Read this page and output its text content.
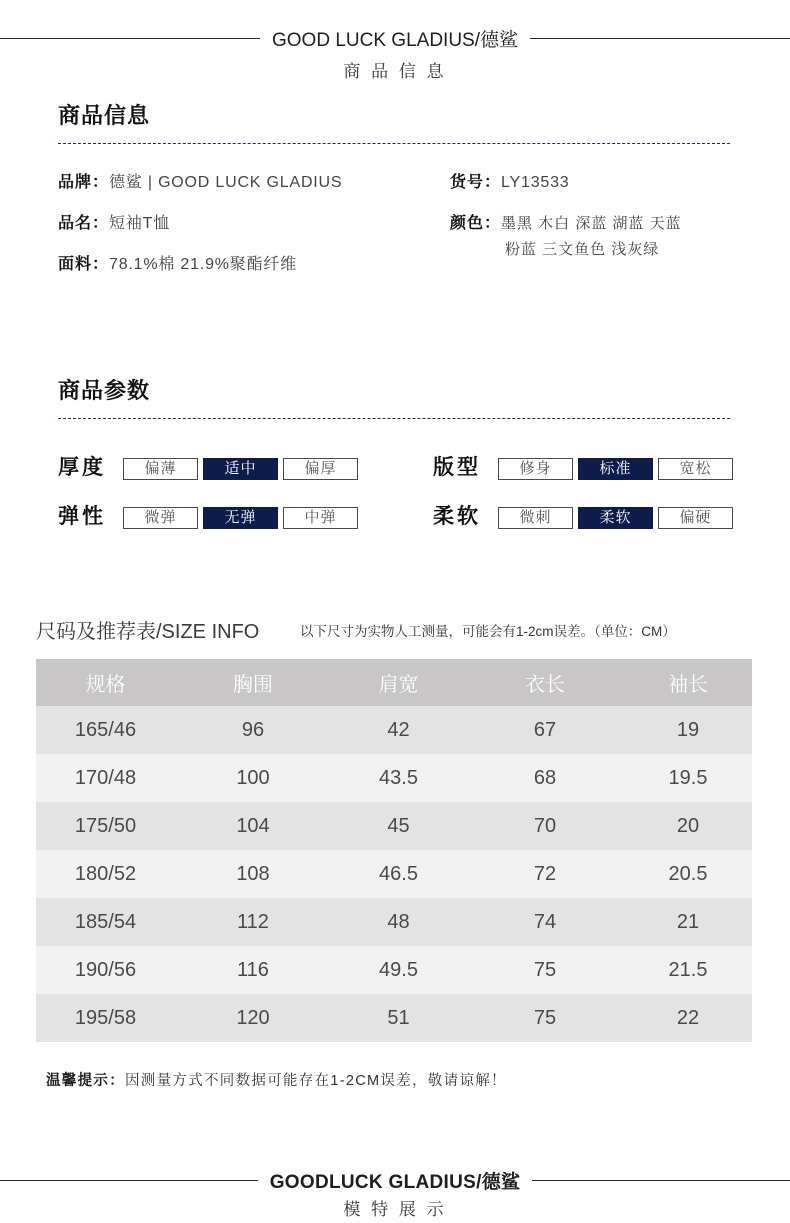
GOOD LUCK GLADIUS/德鲨
商 品 信 息
商品信息
品牌：德鲨 | GOOD LUCK GLADIUS	货号：LY13533
品名：短袖T恤	颜色：墨黑 木白 深蓝 湖蓝 天蓝
粉蓝 三文鱼色 浅灰绿
面料：78.1%棉 21.9%聚酯纤维
商品参数
厚度	偏薄	适中	偏厚	版型	修身	标准	宽松
弹性	微弹	无弹	中弹	柔软	微刺	柔软	偏硬
尺码及推荐表/SIZE INFO	以下尺寸为实物人工测量，可能会有1-2cm误差。（单位：CM）
规格	胸围	肩宽	衣长	袖长
165/46	96	42	67	19
170/48	100	43.5	68	19.5
175/50	104	45	70	20
180/52	108	46.5	72	20.5
185/54	112	48	74	21
190/56	116	49.5	75	21.5
195/58	120	51	75	22
温馨提示：因测量方式不同数据可能存在1-2CM误差，敬请谅解！
GOODLUCK GLADIUS/德鲨
模 特 展 示
